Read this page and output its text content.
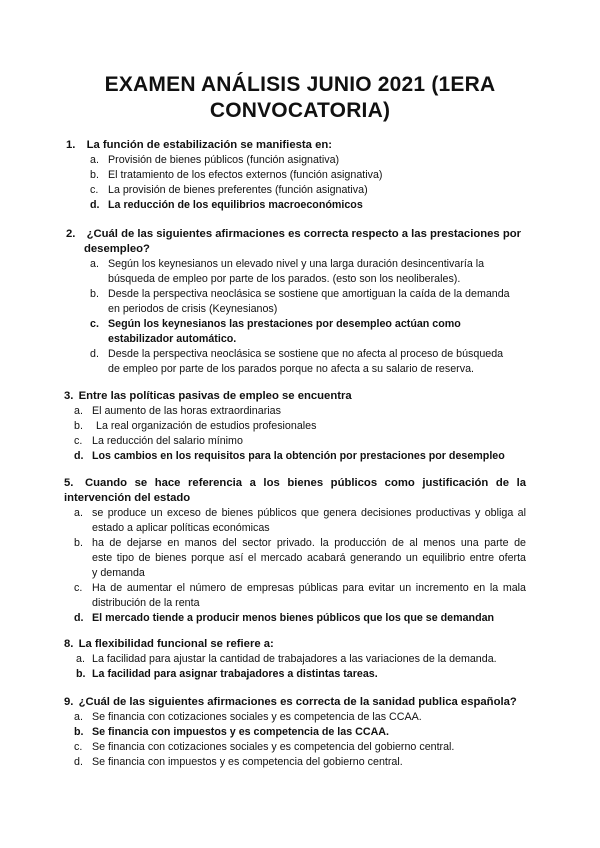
EXAMEN ANÁLISIS JUNIO 2021 (1ERA
CONVOCATORIA)
1. La función de estabilización se manifiesta en:
a. Provisión de bienes públicos (función asignativa)
b. El tratamiento de los efectos externos (función asignativa)
c. La provisión de bienes preferentes (función asignativa)
d. La reducción de los equilibrios macroeconómicos
2. ¿Cuál de las siguientes afirmaciones es correcta respecto a las prestaciones por
desempleo?
a. Según los keynesianos un elevado nivel y una larga duración desincentivaría la
búsqueda de empleo por parte de los parados. (esto son los neoliberales).
b. Desde la perspectiva neoclásica se sostiene que amortiguan la caída de la demanda
en periodos de crisis (Keynesianos)
c. Según los keynesianos las prestaciones por desempleo actúan como
estabilizador automático.
d. Desde la perspectiva neoclásica se sostiene que no afecta al proceso de búsqueda
de empleo por parte de los parados porque no afecta a su salario de reserva.
3. Entre las políticas pasivas de empleo se encuentra
a. El aumento de las horas extraordinarias
b. La real organización de estudios profesionales
c. La reducción del salario mínimo
d. Los cambios en los requisitos para la obtención por prestaciones por desempleo
5. Cuando se hace referencia a los bienes públicos como justificación de la
intervención del estado
a. se produce un exceso de bienes públicos que genera decisiones productivas y obliga al
estado a aplicar políticas económicas
b. ha de dejarse en manos del sector privado. la producción de al menos una parte de
este tipo de bienes porque así el mercado acabará generando un equilibrio entre oferta
y demanda
c. Ha de aumentar el número de empresas públicas para evitar un incremento en la mala
distribución de la renta
d. El mercado tiende a producir menos bienes públicos que los que se demandan
8. La flexibilidad funcional se refiere a:
a. La facilidad para ajustar la cantidad de trabajadores a las variaciones de la demanda.
b. La facilidad para asignar trabajadores a distintas tareas.
9. ¿Cuál de las siguientes afirmaciones es correcta de la sanidad publica española?
a. Se financia con cotizaciones sociales y es competencia de las CCAA.
b. Se financia con impuestos y es competencia de las CCAA.
c. Se financia con cotizaciones sociales y es competencia del gobierno central.
d. Se financia con impuestos y es competencia del gobierno central.
